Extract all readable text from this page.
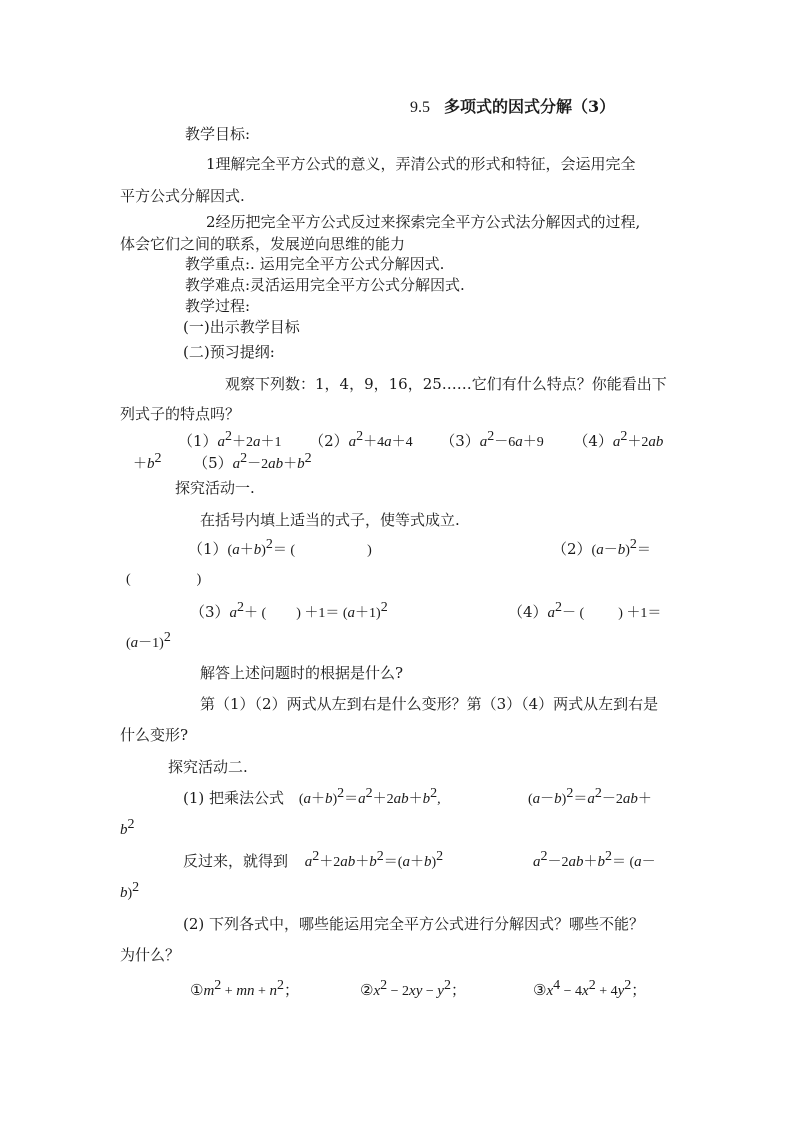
9.5 多项式的因式分解（3）
教学目标:
1理解完全平方公式的意义，弄清公式的形式和特征，会运用完全
平方公式分解因式.
2经历把完全平方公式反过来探索完全平方公式法分解因式的过程,
体会它们之间的联系，发展逆向思维的能力
教学重点:. 运用完全平方公式分解因式.
教学难点:灵活运用完全平方公式分解因式.
教学过程:
(一)出示教学目标
(二)预习提纲:
观察下列数：1，4，9，16，25……它们有什么特点？你能看出下
列式子的特点吗？
$(1)a^2+2a+1$ $(2)a^2+4a+4$ $(3)a^2-6a+9$ $(4)a^2+2ab$
$+b^2$ $(5)a^2-2ab+b^2$
探究活动一.
在括号内填上适当的式子，使等式成立.
$(1)(a+b)^2=$ (	)	$(2)(a-b)^2=$
(	)
$(3)a^2+$ ( ) $+1= (a+1)^2$	$(4)a^2-$ ( ) ＋1＝
$(a-1)^2$
解答上述问题时的根据是什么?
第（1）（2）两式从左到右是什么变形？第（3）（4）两式从左到右是
什么变形?
探究活动二.
(1) 把乘法公式 $(a+b)^2=a^2+2ab+b^2$,	$(a-b)^2=a^2-2ab+$
$b^2$
反过来，就得到 $a^2+2ab+b^2=(a+b)^2$	$a^2-2ab+b^2= (a-$
b)$^2$
(2) 下列各式中，哪些能运用完全平方公式进行分解因式？哪些不能？
为什么？
$①m^2$ + mn + $n^2$；	$②x^2 - 2xy - y^2$；	$③x^4 - 4x^2 + 4y^2$；
